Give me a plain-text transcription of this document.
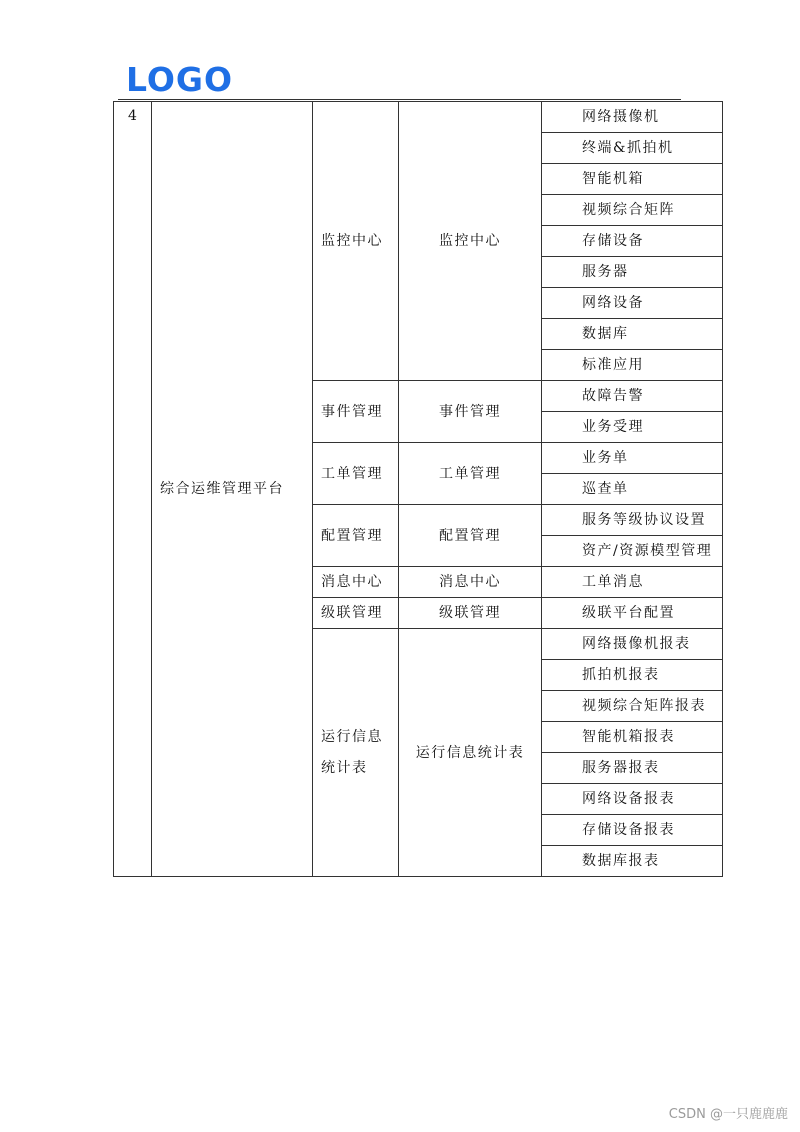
LOGO
4	综合运维管理平台	监控中心	监控中心	网络摄像机
				终端&抓拍机
				智能机箱
				视频综合矩阵
				存储设备
				服务器
				网络设备
				数据库
				标准应用
		事件管理	事件管理	故障告警
				业务受理
		工单管理	工单管理	业务单
				巡查单
		配置管理	配置管理	服务等级协议设置
				资产/资源模型管理
		消息中心	消息中心	工单消息
		级联管理	级联管理	级联平台配置

		运行信息统计表	运行信息统计表	网络摄像机报表
				抓拍机报表
				视频综合矩阵报表
				智能机箱报表
				服务器报表
				网络设备报表
				存储设备报表
				数据库报表
CSDN @一只鹿鹿鹿
